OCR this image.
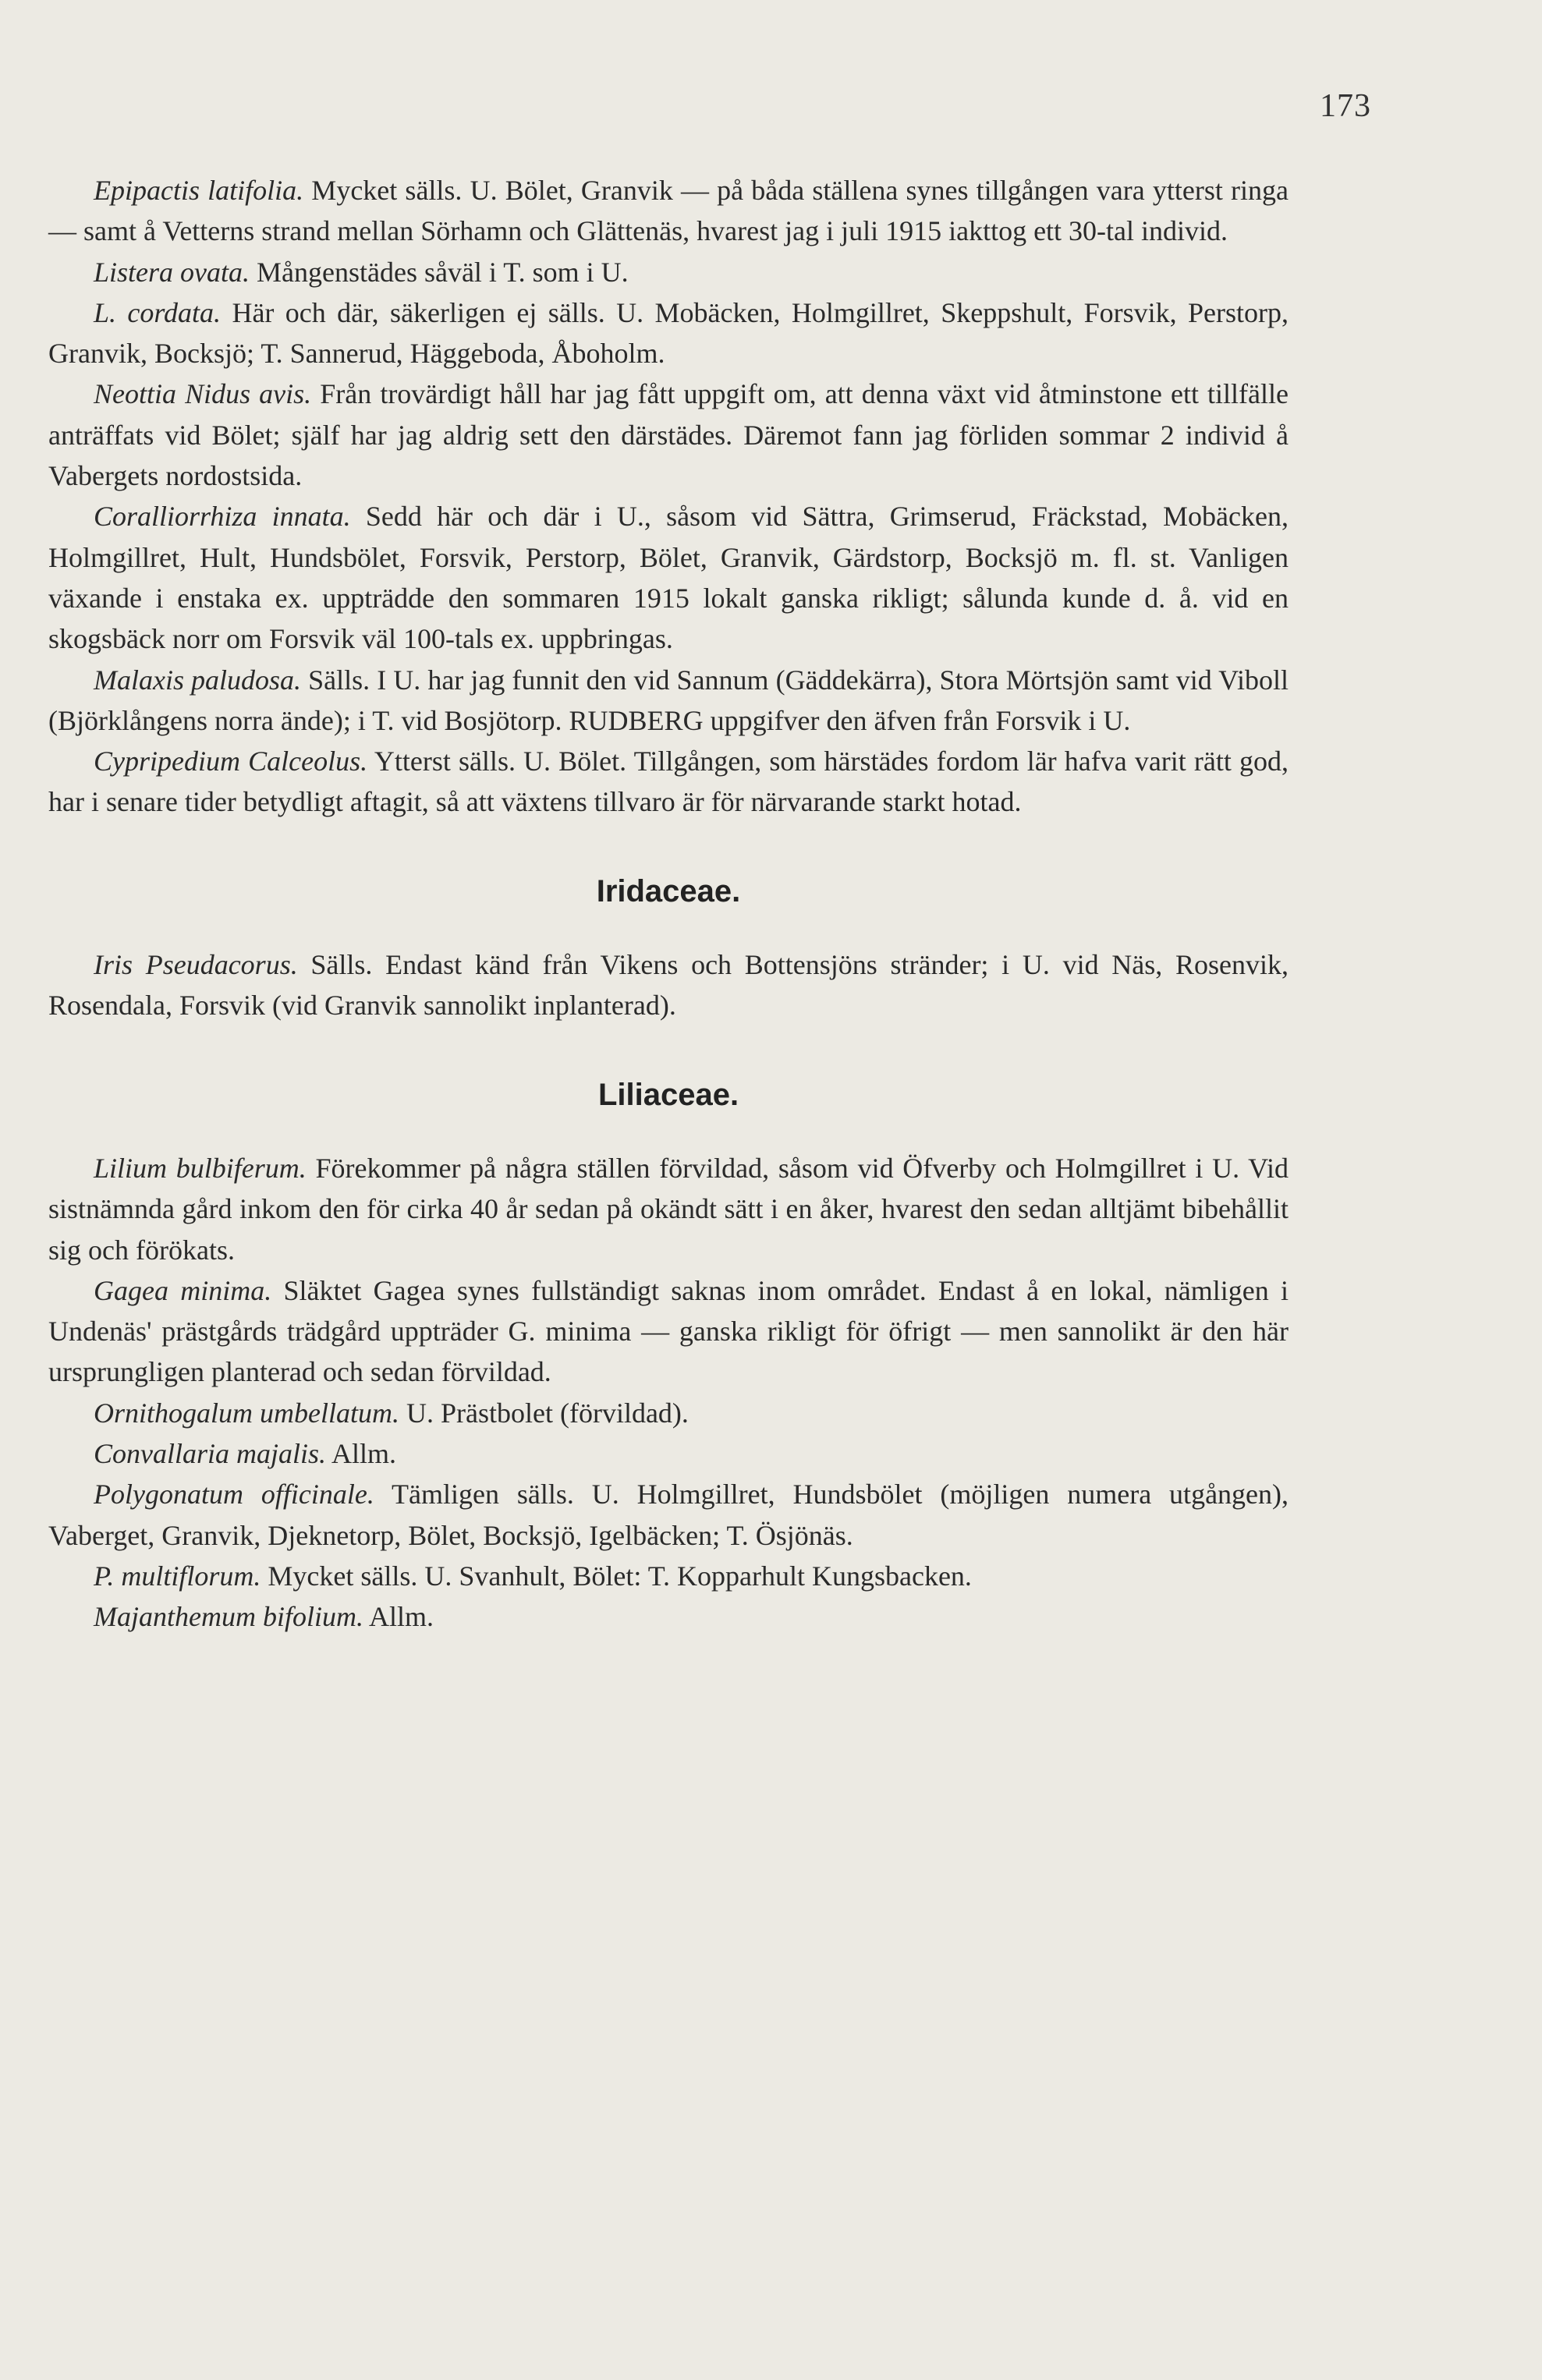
173

Epipactis latifolia. Mycket sälls. U. Bölet, Granvik — på båda ställena synes tillgången vara ytterst ringa — samt å Vetterns strand mellan Sörhamn och Glättenäs, hvarest jag i juli 1915 iakttog ett 30-tal individ.

Listera ovata. Mångenstädes såväl i T. som i U.

L. cordata. Här och där, säkerligen ej sälls. U. Mobäcken, Holmgillret, Skeppshult, Forsvik, Perstorp, Granvik, Bocksjö; T. Sannerud, Häggeboda, Åboholm.

Neottia Nidus avis. Från trovärdigt håll har jag fått uppgift om, att denna växt vid åtminstone ett tillfälle anträffats vid Bölet; själf har jag aldrig sett den därstädes. Däremot fann jag förliden sommar 2 individ å Vabergets nordostsida.

Coralliorrhiza innata. Sedd här och där i U., såsom vid Sättra, Grimserud, Fräckstad, Mobäcken, Holmgillret, Hult, Hundsbölet, Forsvik, Perstorp, Bölet, Granvik, Gärdstorp, Bocksjö m. fl. st. Vanligen växande i enstaka ex. uppträdde den sommaren 1915 lokalt ganska rikligt; sålunda kunde d. å. vid en skogsbäck norr om Forsvik väl 100-tals ex. uppbringas.

Malaxis paludosa. Sälls. I U. har jag funnit den vid Sannum (Gäddekärra), Stora Mörtsjön samt vid Viboll (Björklångens norra ände); i T. vid Bosjötorp. RUDBERG uppgifver den äfven från Forsvik i U.

Cypripedium Calceolus. Ytterst sälls. U. Bölet. Tillgången, som härstädes fordom lär hafva varit rätt god, har i senare tider betydligt aftagit, så att växtens tillvaro är för närvarande starkt hotad.

Iridaceae.

Iris Pseudacorus. Sälls. Endast känd från Vikens och Bottensjöns stränder; i U. vid Näs, Rosenvik, Rosendala, Forsvik (vid Granvik sannolikt inplanterad).

Liliaceae.

Lilium bulbiferum. Förekommer på några ställen förvildad, såsom vid Öfverby och Holmgillret i U. Vid sistnämnda gård inkom den för cirka 40 år sedan på okändt sätt i en åker, hvarest den sedan alltjämt bibehållit sig och förökats.

Gagea minima. Släktet Gagea synes fullständigt saknas inom området. Endast å en lokal, nämligen i Undenäs' prästgårds trädgård uppträder G. minima — ganska rikligt för öfrigt — men sannolikt är den här ursprungligen planterad och sedan förvildad.

Ornithogalum umbellatum. U. Prästbolet (förvildad).

Convallaria majalis. Allm.

Polygonatum officinale. Tämligen sälls. U. Holmgillret, Hundsbölet (möjligen numera utgången), Vaberget, Granvik, Djeknetorp, Bölet, Bocksjö, Igelbäcken; T. Ösjönäs.

P. multiflorum. Mycket sälls. U. Svanhult, Bölet: T. Kopparhult Kungsbacken.

Majanthemum bifolium. Allm.
